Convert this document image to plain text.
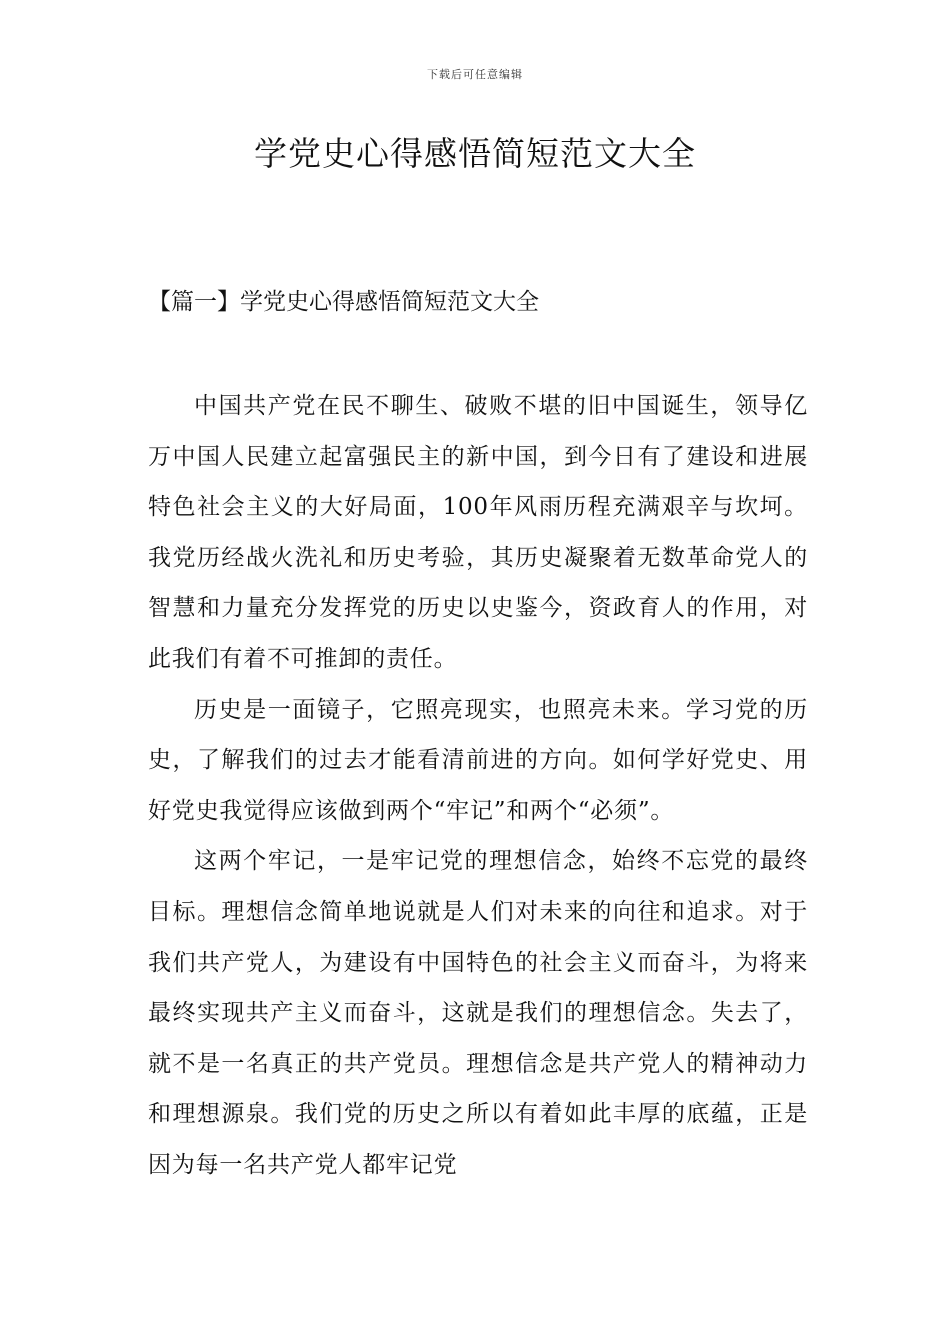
下载后可任意编辑
学党史心得感悟简短范文大全
【篇一】学党史心得感悟简短范文大全

中国共产党在民不聊生、破败不堪的旧中国诞生，领导亿万中国人民建立起富强民主的新中国，到今日有了建设和进展特色社会主义的大好局面，100年风雨历程充满艰辛与坎坷。我党历经战火洗礼和历史考验，其历史凝聚着无数革命党人的智慧和力量充分发挥党的历史以史鉴今，资政育人的作用，对此我们有着不可推卸的责任。

历史是一面镜子，它照亮现实，也照亮未来。学习党的历史，了解我们的过去才能看清前进的方向。如何学好党史、用好党史我觉得应该做到两个“牢记”和两个“必须”。

这两个牢记，一是牢记党的理想信念，始终不忘党的最终目标。理想信念简单地说就是人们对未来的向往和追求。对于我们共产党人，为建设有中国特色的社会主义而奋斗，为将来最终实现共产主义而奋斗，这就是我们的理想信念。失去了，就不是一名真正的共产党员。理想信念是共产党人的精神动力和理想源泉。我们党的历史之所以有着如此丰厚的底蕴，正是因为每一名共产党人都牢记党
